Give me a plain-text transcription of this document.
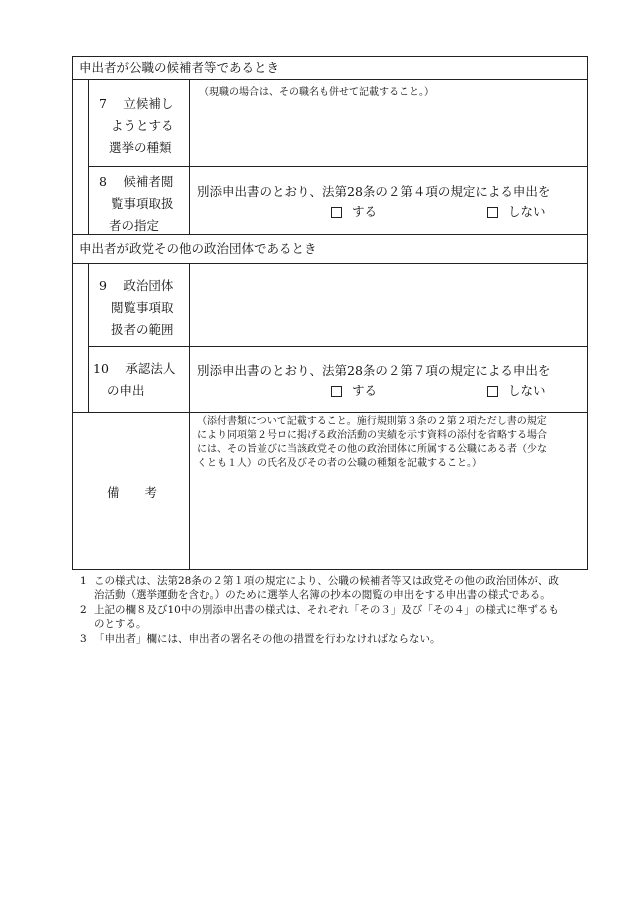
申出者が公職の候補者等であるとき
申出者が政党その他の政治団体であるとき
7　 立候補し
ようとする
選挙の種類
（現職の場合は、その職名も併せて記載すること。）
8　 候補者閲
覧事項取扱
者の指定
別添申出書のとおり、法第28条の２第４項の規定による申出を
する	しない
9　 政治団体
閲覧事項取
扱者の範囲
10　 承認法人
の申出
別添申出書のとおり、法第28条の２第７項の規定による申出を
する	しない
備　　考
（添付書類について記載すること。施行規則第３条の２第２項ただし書の規定
により同項第２号ロに掲げる政治活動の実績を示す資料の添付を省略する場合
には、その旨並びに当該政党その他の政治団体に所属する公職にある者（少な
くとも１人）の氏名及びその者の公職の種類を記載すること。）
1 この様式は、法第28条の２第１項の規定により、公職の候補者等又は政党その他の政治団体が、政
治活動（選挙運動を含む。）のために選挙人名簿の抄本の閲覧の申出をする申出書の様式である。
2 上記の欄８及び10中の別添申出書の様式は、それぞれ「その３」及び「その４」の様式に準ずるも
のとする。
3 「申出者」欄には、申出者の署名その他の措置を行わなければならない。
